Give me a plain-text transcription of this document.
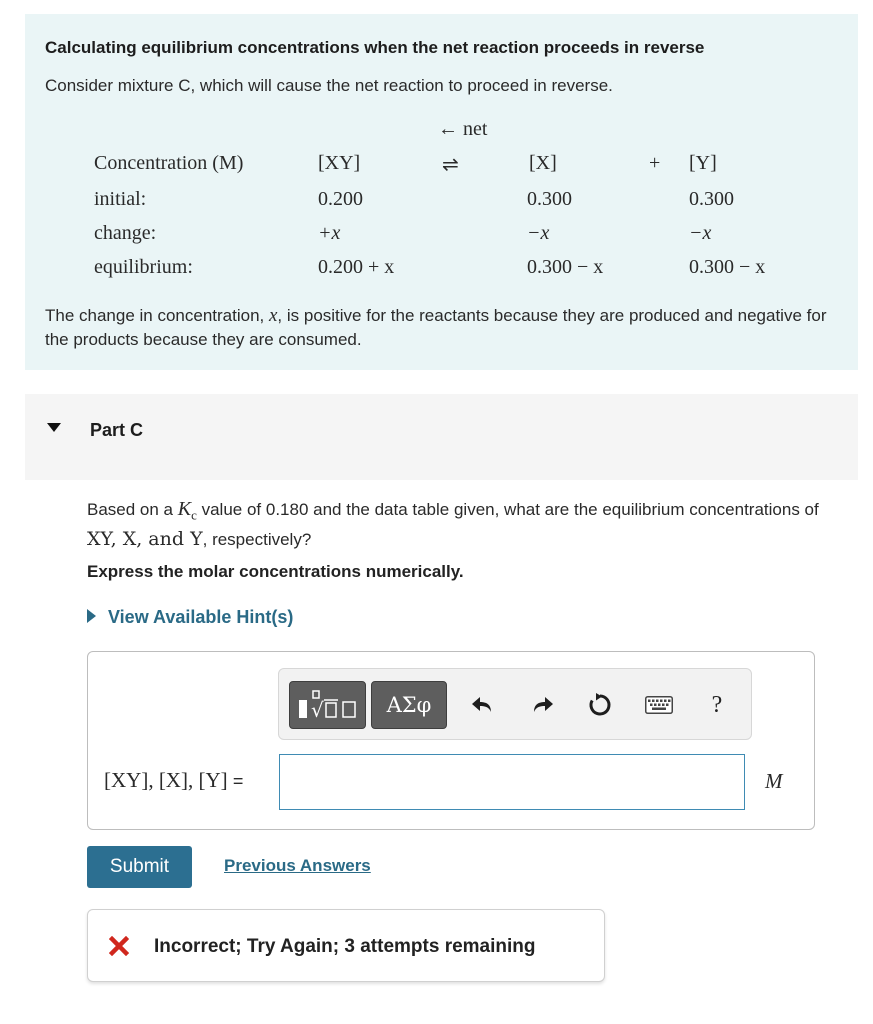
Calculating equilibrium concentrations when the net reaction proceeds in reverse
Consider mixture C, which will cause the net reaction to proceed in reverse.
← net
Concentration (M)	[XY]	⇌	[X]	+ [Y]
initial:	0.200	0.300	0.300
change:	+x	−x	−x
equilibrium:	0.200 + x	0.300 − x	0.300 − x
The change in concentration, x, is positive for the reactants because they are produced and negative for the products because they are consumed.
Part C
Based on a $K_c$ value of 0.180 and the data table given, what are the equilibrium concentrations of XY, X, and Y, respectively?
Express the molar concentrations numerically.
View Available Hint(s)
√	ΑΣφ	?
[XY], [X], [Y] =	M
Submit	Previous Answers
Incorrect; Try Again; 3 attempts remaining
